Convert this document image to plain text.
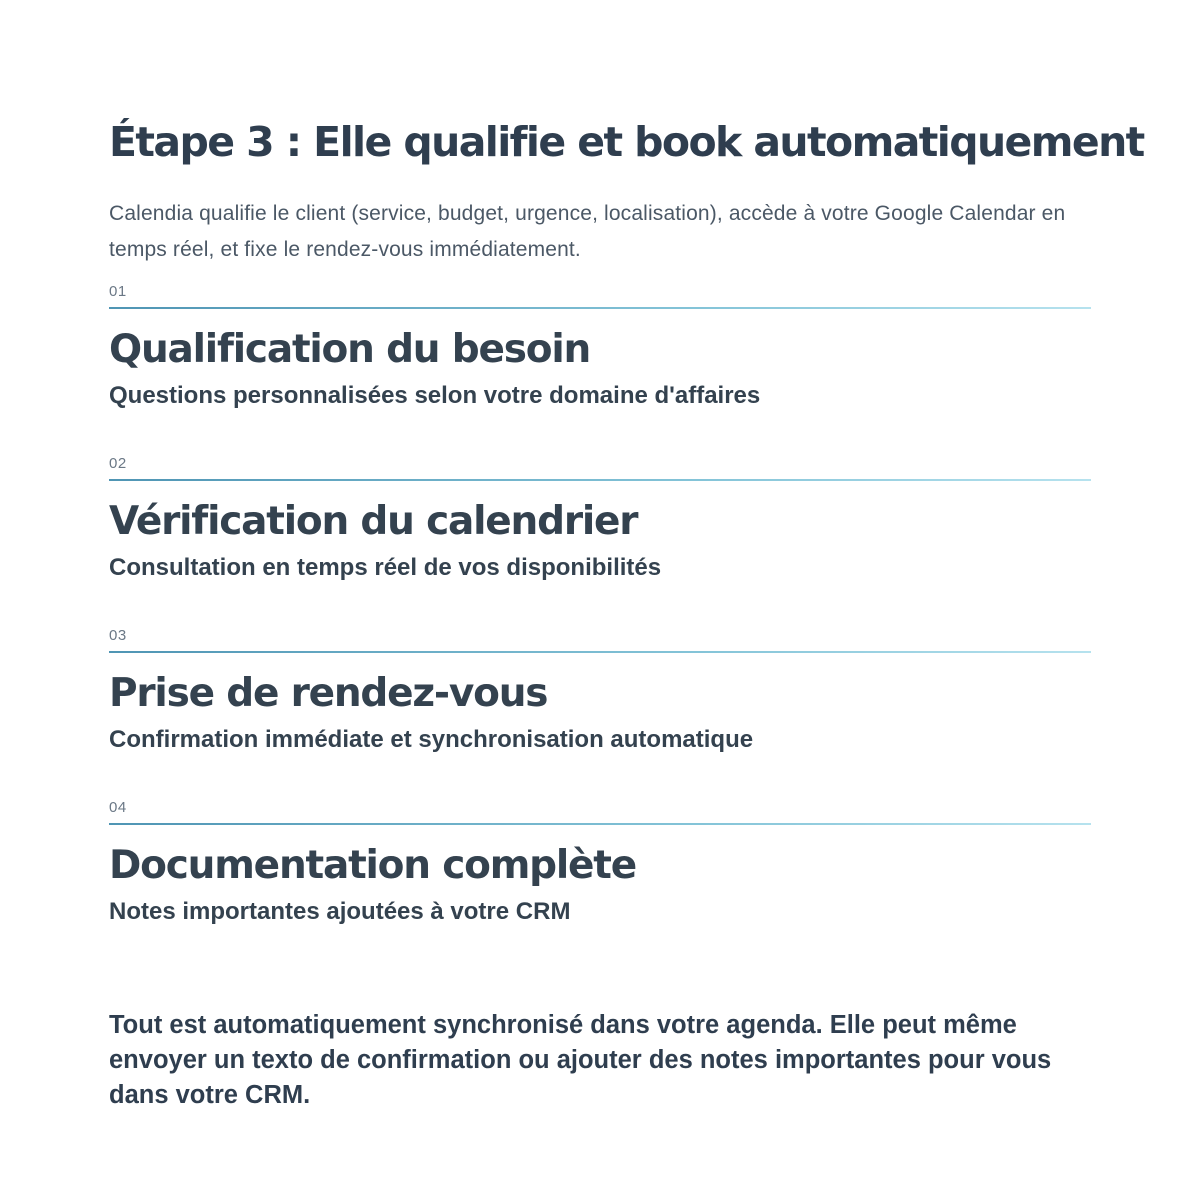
Étape 3 : Elle qualifie et book automatiquement

Calendia qualifie le client (service, budget, urgence, localisation), accède à votre Google Calendar en temps réel, et fixe le rendez-vous immédiatement.

01
Qualification du besoin

Questions personnalisées selon votre domaine d'affaires

02
Vérification du calendrier

Consultation en temps réel de vos disponibilités

03
Prise de rendez-vous

Confirmation immédiate et synchronisation automatique

04
Documentation complète

Notes importantes ajoutées à votre CRM

Tout est automatiquement synchronisé dans votre agenda. Elle peut même envoyer un texto de confirmation ou ajouter des notes importantes pour vous dans votre CRM.
